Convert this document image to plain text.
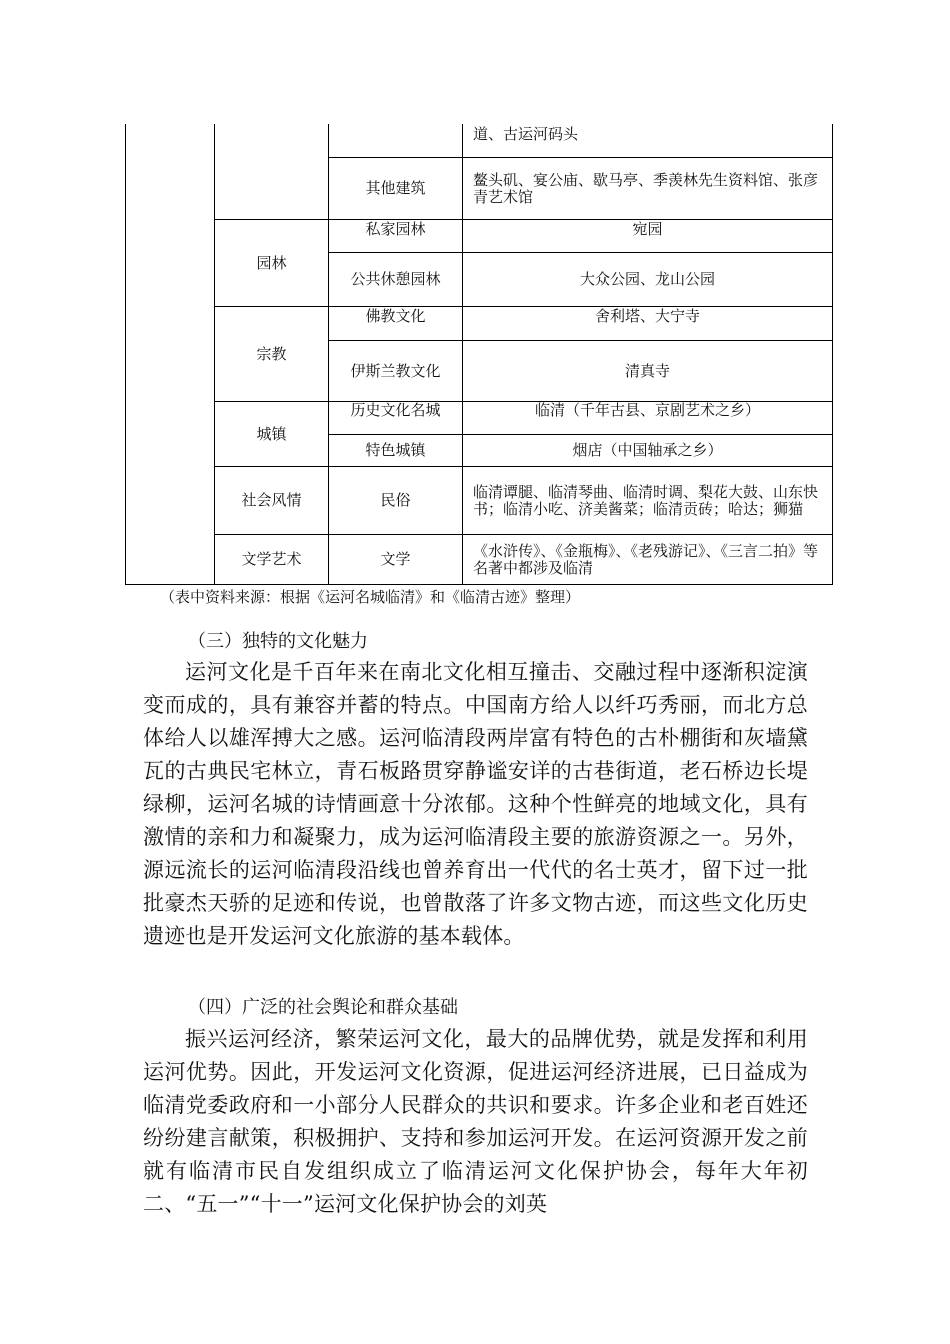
道、古运河码头
其他建筑	鳌头矶、宴公庙、歇马亭、季羡林先生资料馆、张彦青艺术馆
园林
私家园林	宛园
公共休憩园林	大众公园、龙山公园
宗教
佛教文化	舍利塔、大宁寺
伊斯兰教文化	清真寺
城镇
历史文化名城	临清（千年古县、京剧艺术之乡）
特色城镇	烟店（中国轴承之乡）
社会风情	民俗	临清谭腿、临清琴曲、临清时调、梨花大鼓、山东快书；临清小吃、济美酱菜；临清贡砖；哈达；狮猫
文学艺术	文学	《水浒传》、《金瓶梅》、《老残游记》、《三言二拍》等名著中都涉及临清
（表中资料来源：根据《运河名城临清》和《临清古迹》整理）
（三）独特的文化魅力

运河文化是千百年来在南北文化相互撞击、交融过程中逐渐积淀演变而成的，具有兼容并蓄的特点。中国南方给人以纤巧秀丽，而北方总体给人以雄浑搏大之感。运河临清段两岸富有特色的古朴棚街和灰墙黛瓦的古典民宅林立，青石板路贯穿静谧安详的古巷街道，老石桥边长堤绿柳，运河名城的诗情画意十分浓郁。这种个性鲜亮的地域文化，具有激情的亲和力和凝聚力，成为运河临清段主要的旅游资源之一。另外，源远流长的运河临清段沿线也曾养育出一代代的名士英才，留下过一批批豪杰天骄的足迹和传说，也曾散落了许多文物古迹，而这些文化历史遗迹也是开发运河文化旅游的基本载体。

（四）广泛的社会舆论和群众基础

振兴运河经济，繁荣运河文化，最大的品牌优势，就是发挥和利用运河优势。因此，开发运河文化资源，促进运河经济进展，已日益成为临清党委政府和一小部分人民群众的共识和要求。许多企业和老百姓还纷纷建言献策，积极拥护、支持和参加运河开发。在运河资源开发之前就有临清市民自发组织成立了临清运河文化保护协会，每年大年初二、“五一”“十一”运河文化保护协会的刘英
